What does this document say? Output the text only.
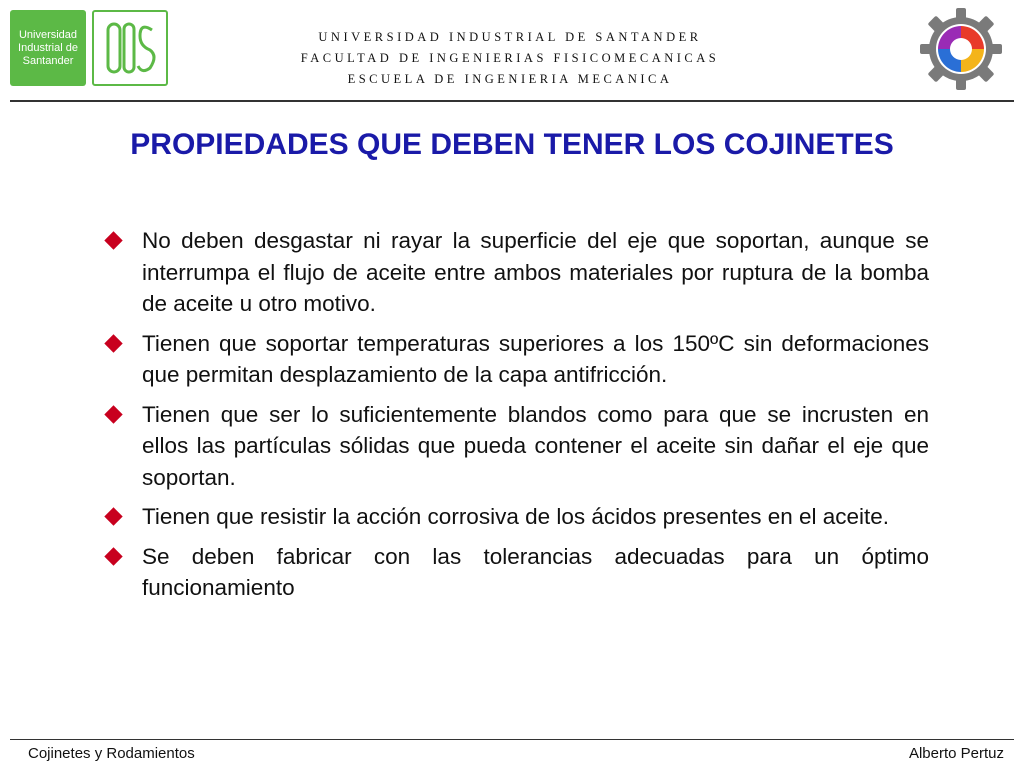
Universidad
Industrial de
Santander
UNIVERSIDAD INDUSTRIAL DE SANTANDER
FACULTAD DE INGENIERIAS FISICOMECANICAS
ESCUELA DE INGENIERIA MECANICA
PROPIEDADES QUE DEBEN TENER LOS COJINETES
No deben desgastar ni rayar la superficie del eje que soportan, aunque se interrumpa el flujo de aceite entre ambos materiales por ruptura de la bomba de aceite u otro motivo.
Tienen que soportar temperaturas superiores a los 150ºC sin deformaciones que permitan desplazamiento de la capa antifricción.
Tienen que ser lo suficientemente blandos como para que se incrusten en ellos las partículas sólidas que pueda contener el aceite sin dañar el eje que soportan.
Tienen que resistir la acción corrosiva de los ácidos presentes en el aceite.
Se deben fabricar con las tolerancias adecuadas para un óptimo funcionamiento
Cojinetes y Rodamientos	Alberto Pertuz
